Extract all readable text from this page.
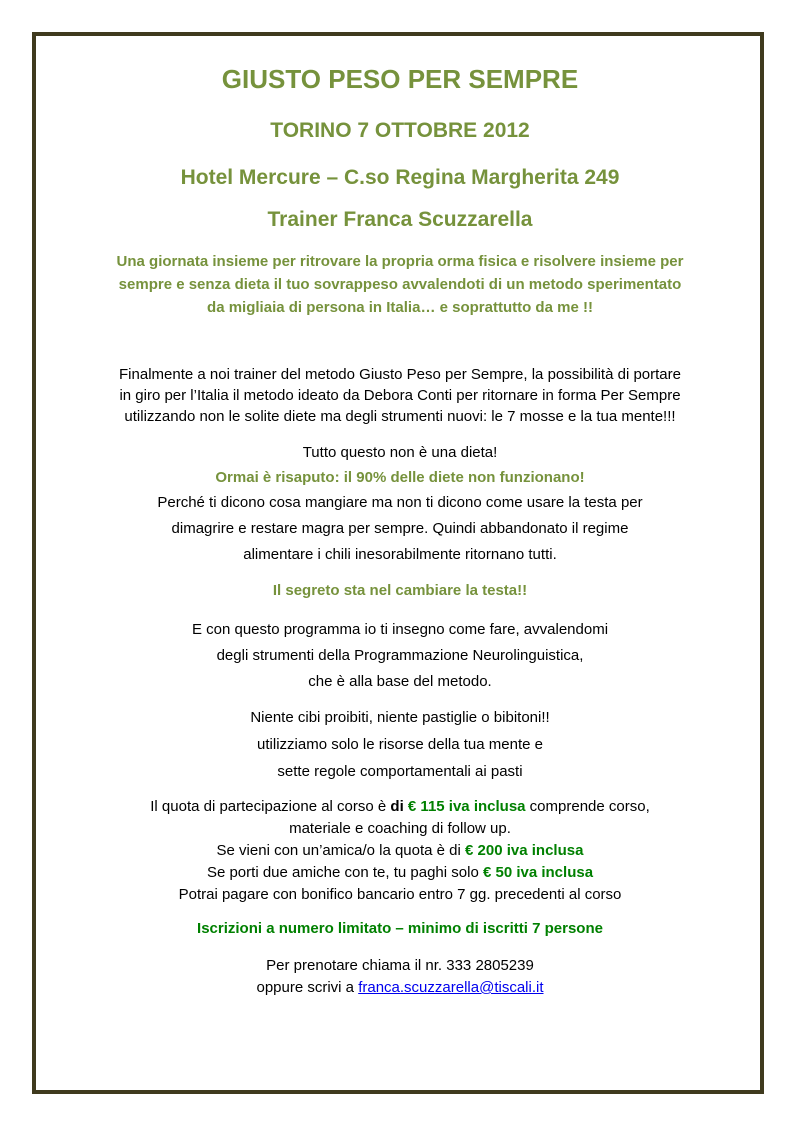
GIUSTO PESO PER SEMPRE

TORINO 7 OTTOBRE 2012

Hotel Mercure – C.so Regina Margherita 249

Trainer Franca Scuzzarella

Una giornata insieme per ritrovare la propria orma fisica e risolvere insieme per
sempre e senza dieta il tuo sovrappeso avvalendoti di un metodo sperimentato
da migliaia di persona in Italia… e soprattutto da me !!

Finalmente a noi trainer del metodo Giusto Peso per Sempre, la possibilità di portare
in giro per l’Italia il metodo ideato da Debora Conti per ritornare in forma Per Sempre
utilizzando non le solite diete ma degli strumenti nuovi: le 7 mosse e la tua mente!!!

Tutto questo non è una dieta!
Ormai è risaputo: il 90% delle diete non funzionano!
Perché ti dicono cosa mangiare ma non ti dicono come usare la testa per
dimagrire e restare magra per sempre. Quindi abbandonato il regime
alimentare i chili inesorabilmente ritornano tutti.

Il segreto sta nel cambiare la testa!!

E con questo programma io ti insegno come fare, avvalendomi
degli strumenti della Programmazione Neurolinguistica,
che è alla base del metodo.

Niente cibi proibiti, niente pastiglie o bibitoni!!
utilizziamo solo le risorse della tua mente e
sette regole comportamentali ai pasti

Il quota di partecipazione al corso è di € 115 iva inclusa comprende corso,
materiale e coaching di follow up.
Se vieni con un’amica/o la quota è di € 200 iva inclusa
Se porti due amiche con te, tu paghi solo € 50 iva inclusa
Potrai pagare con bonifico bancario entro 7 gg. precedenti al corso

Iscrizioni a numero limitato – minimo di iscritti 7 persone

Per prenotare chiama il nr. 333 2805239
oppure scrivi a franca.scuzzarella@tiscali.it
